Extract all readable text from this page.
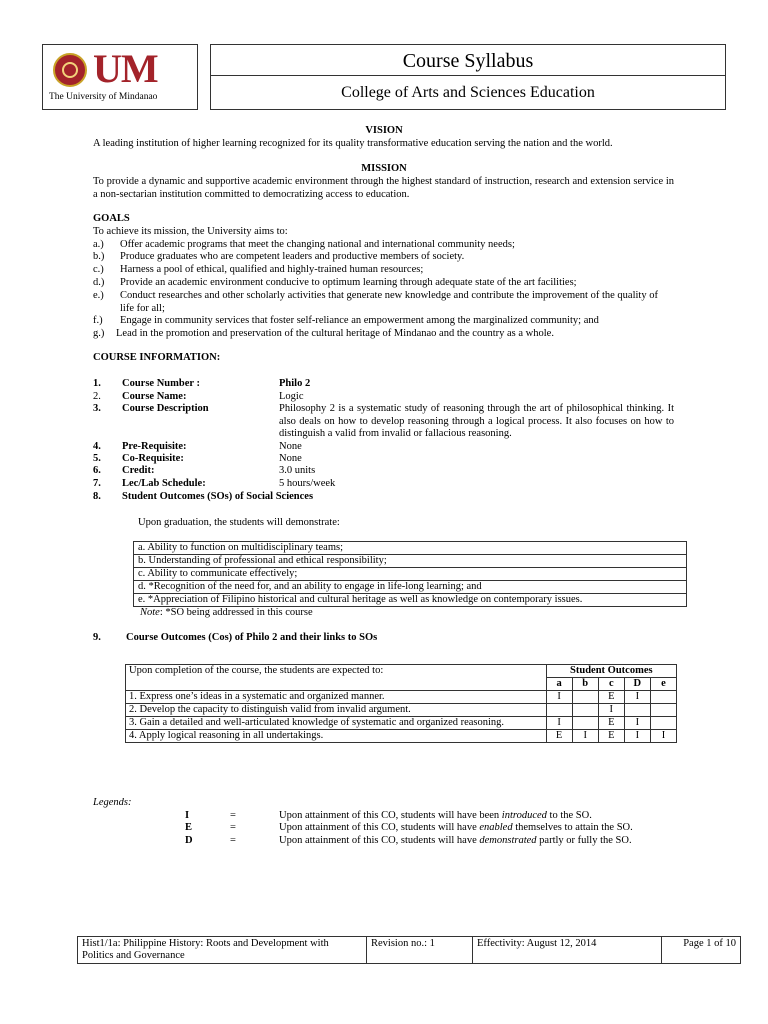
UM
The University of Mindanao
Course Syllabus
College of Arts and Sciences Education
VISION
A leading institution of higher learning recognized for its quality transformative education serving the nation and the world.
MISSION
To provide a dynamic and supportive academic environment through the highest standard of instruction, research and extension service in a non-sectarian institution committed to democratizing access to education.
GOALS
To achieve its mission, the University aims to:
a.) Offer academic programs that meet the changing national and international community needs;
b.) Produce graduates who are competent leaders and productive members of society.
c.) Harness a pool of ethical, qualified and highly-trained human resources;
d.) Provide an academic environment conducive to optimum learning through adequate state of the art facilities;
e.) Conduct researches and other scholarly activities that generate new knowledge and contribute the improvement of the quality of life for all;
f.) Engage in community services that foster self-reliance an empowerment among the marginalized community; and
g.) Lead in the promotion and preservation of the cultural heritage of Mindanao and the country as a whole.
COURSE INFORMATION:
1. Course Number :	Philo 2
2. Course Name:	Logic
3. Course Description	Philosophy 2 is a systematic study of reasoning through the art of philosophical thinking. It also deals on how to develop reasoning through a logical process. It also focuses on how to distinguish a valid from invalid or fallacious reasoning.
4. Pre-Requisite:	None
5. Co-Requisite:	None
6. Credit:	3.0 units
7. Lec/Lab Schedule:	5 hours/week
8. Student Outcomes (SOs) of Social Sciences
Upon graduation, the students will demonstrate:
a. Ability to function on multidisciplinary teams;
b. Understanding of professional and ethical responsibility;
c. Ability to communicate effectively;
d. *Recognition of the need for, and an ability to engage in life-long learning; and
e. *Appreciation of Filipino historical and cultural heritage as well as knowledge on contemporary issues.
Note: *SO being addressed in this course
9. Course Outcomes (Cos) of Philo 2 and their links to SOs
Upon completion of the course, the students are expected to:	Student Outcomes				
	a	b	c	D	e
1. Express one’s ideas in a systematic and organized manner.	I		E	I	
2. Develop the capacity to distinguish valid from invalid argument.			I		
3. Gain a detailed and well-articulated knowledge of systematic and organized reasoning.	I		E	I	
4. Apply logical reasoning in all undertakings.	E	I	E	I	I
Legends:
I	=	Upon attainment of this CO, students will have been introduced to the SO.
E	=	Upon attainment of this CO, students will have enabled themselves to attain the SO.
D	=	Upon attainment of this CO, students will have demonstrated partly or fully the SO.
Hist1/1a: Philippine History: Roots and Development with Politics and Governance	Revision no.: 1	Effectivity: August 12, 2014	Page 1 of 10
